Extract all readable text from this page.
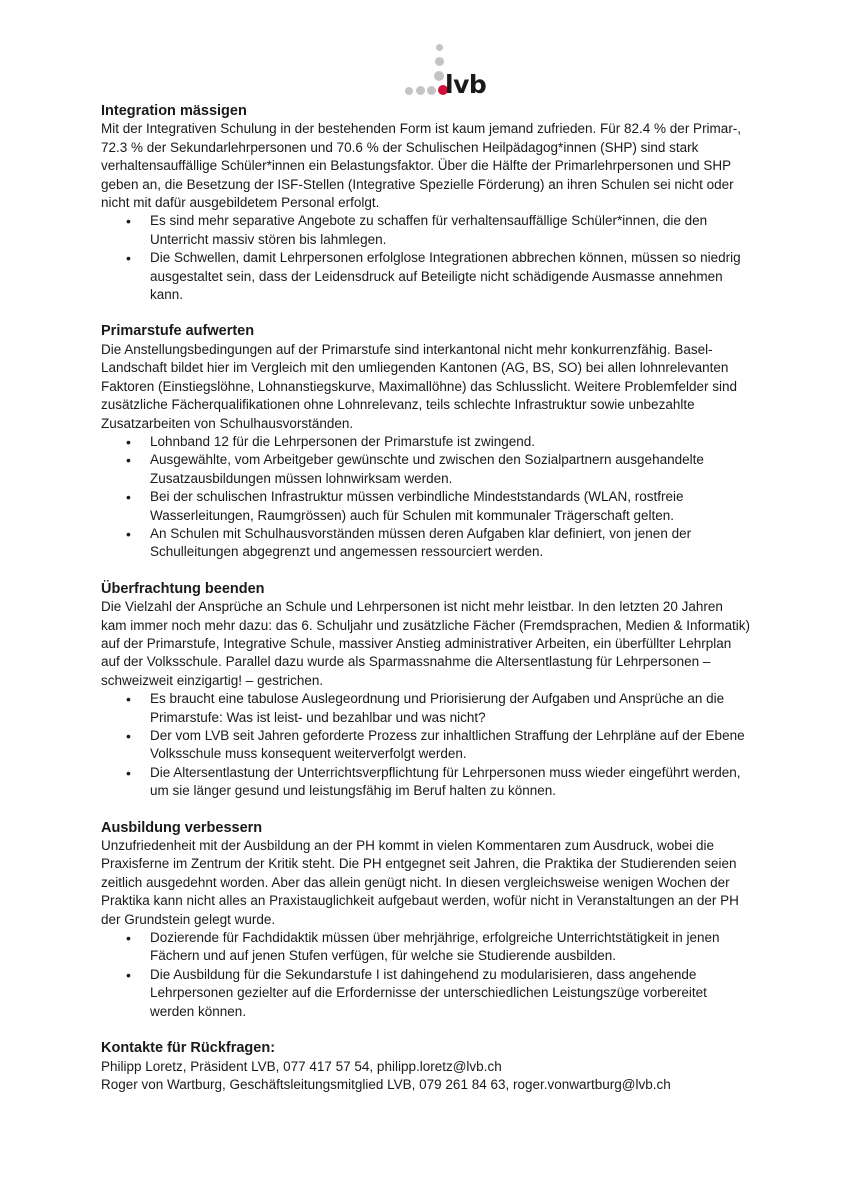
lvb
Integration mässigen

Mit der Integrativen Schulung in der bestehenden Form ist kaum jemand zufrieden. Für 82.4 % der Primar-, 72.3 % der Sekundarlehrpersonen und 70.6 % der Schulischen Heilpädagog*innen (SHP) sind stark verhaltensauffällige Schüler*innen ein Belastungsfaktor. Über die Hälfte der Primarlehrpersonen und SHP geben an, die Besetzung der ISF-Stellen (Integrative Spezielle Förderung) an ihren Schulen sei nicht oder nicht mit dafür ausgebildetem Personal erfolgt.

• Es sind mehr separative Angebote zu schaffen für verhaltensauffällige Schüler*innen, die den Unterricht massiv stören bis lahmlegen.
• Die Schwellen, damit Lehrpersonen erfolglose Integrationen abbrechen können, müssen so niedrig ausgestaltet sein, dass der Leidensdruck auf Beteiligte nicht schädigende Ausmasse annehmen kann.
Primarstufe aufwerten

Die Anstellungsbedingungen auf der Primarstufe sind interkantonal nicht mehr konkurrenzfähig. Basel-Landschaft bildet hier im Vergleich mit den umliegenden Kantonen (AG, BS, SO) bei allen lohnrelevanten Faktoren (Einstiegslöhne, Lohnanstiegskurve, Maximallöhne) das Schlusslicht. Weitere Problemfelder sind zusätzliche Fächerqualifikationen ohne Lohnrelevanz, teils schlechte Infrastruktur sowie unbezahlte Zusatzarbeiten von Schulhausvorständen.

• Lohnband 12 für die Lehrpersonen der Primarstufe ist zwingend.
• Ausgewählte, vom Arbeitgeber gewünschte und zwischen den Sozialpartnern ausgehandelte Zusatzausbildungen müssen lohnwirksam werden.
• Bei der schulischen Infrastruktur müssen verbindliche Mindeststandards (WLAN, rostfreie Wasserleitungen, Raumgrössen) auch für Schulen mit kommunaler Trägerschaft gelten.
• An Schulen mit Schulhausvorständen müssen deren Aufgaben klar definiert, von jenen der Schulleitungen abgegrenzt und angemessen ressourciert werden.
Überfrachtung beenden

Die Vielzahl der Ansprüche an Schule und Lehrpersonen ist nicht mehr leistbar. In den letzten 20 Jahren kam immer noch mehr dazu: das 6. Schuljahr und zusätzliche Fächer (Fremdsprachen, Medien & Informatik) auf der Primarstufe, Integrative Schule, massiver Anstieg administrativer Arbeiten, ein überfüllter Lehrplan auf der Volksschule. Parallel dazu wurde als Sparmassnahme die Altersentlastung für Lehrpersonen – schweizweit einzigartig! – gestrichen.

• Es braucht eine tabulose Auslegeordnung und Priorisierung der Aufgaben und Ansprüche an die Primarstufe: Was ist leist- und bezahlbar und was nicht?
• Der vom LVB seit Jahren geforderte Prozess zur inhaltlichen Straffung der Lehrpläne auf der Ebene Volksschule muss konsequent weiterverfolgt werden.
• Die Altersentlastung der Unterrichtsverpflichtung für Lehrpersonen muss wieder eingeführt werden, um sie länger gesund und leistungsfähig im Beruf halten zu können.
Ausbildung verbessern

Unzufriedenheit mit der Ausbildung an der PH kommt in vielen Kommentaren zum Ausdruck, wobei die Praxisferne im Zentrum der Kritik steht. Die PH entgegnet seit Jahren, die Praktika der Studierenden seien zeitlich ausgedehnt worden. Aber das allein genügt nicht. In diesen vergleichsweise wenigen Wochen der Praktika kann nicht alles an Praxistauglichkeit aufgebaut werden, wofür nicht in Veranstaltungen an der PH der Grundstein gelegt wurde.

• Dozierende für Fachdidaktik müssen über mehrjährige, erfolgreiche Unterrichtstätigkeit in jenen Fächern und auf jenen Stufen verfügen, für welche sie Studierende ausbilden.
• Die Ausbildung für die Sekundarstufe I ist dahingehend zu modularisieren, dass angehende Lehrpersonen gezielter auf die Erfordernisse der unterschiedlichen Leistungszüge vorbereitet werden können.
Kontakte für Rückfragen:

Philipp Loretz, Präsident LVB, 077 417 57 54, philipp.loretz@lvb.ch

Roger von Wartburg, Geschäftsleitungsmitglied LVB, 079 261 84 63, roger.vonwartburg@lvb.ch
